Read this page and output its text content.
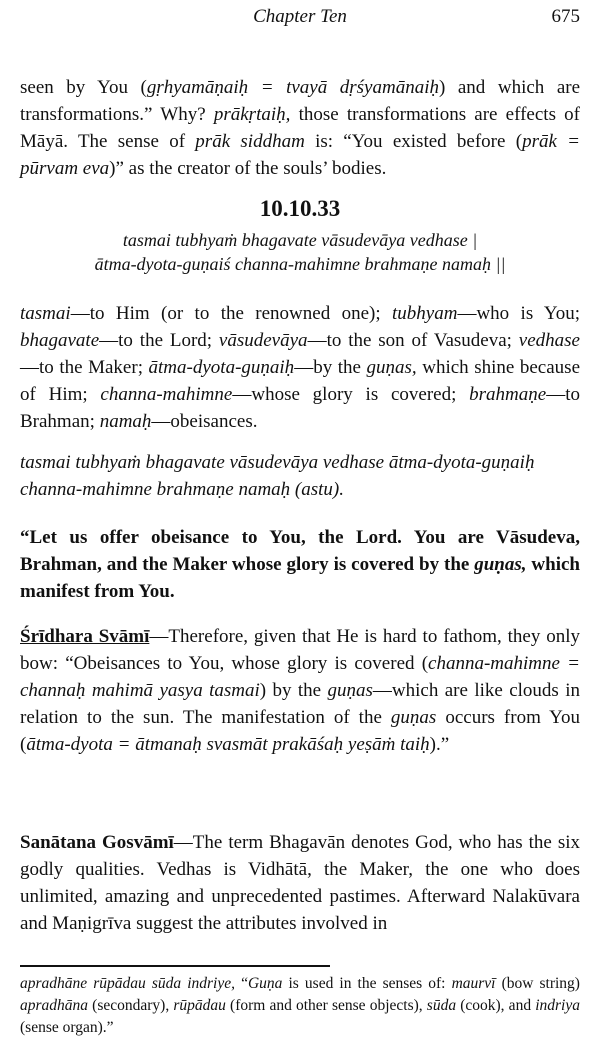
Chapter Ten	675
seen by You (gṛhyamāṇaiḥ = tvayā dṛśyamānaiḥ) and which are transformations.” Why? prākṛtaiḥ, those transformations are effects of Māyā. The sense of prāk siddham is: “You existed before (prāk = pūrvam eva)” as the creator of the souls’ bodies.
10.10.33
tasmai tubhyaṁ bhagavate vāsudevāya vedhase |
ātma-dyota-guṇaiś channa-mahimne brahmaṇe namaḥ ||
tasmai—to Him (or to the renowned one); tubhyam—who is You; bhagavate—to the Lord; vāsudevāya—to the son of Vasudeva; vedhase—to the Maker; ātma-dyota-guṇaiḥ—by the guṇas, which shine because of Him; channa-mahimne—whose glory is covered; brahmaṇe—to Brahman; namaḥ—obeisances.
tasmai tubhyaṁ bhagavate vāsudevāya vedhase ātma-dyota-guṇaiḥ
channa-mahimne brahmaṇe namaḥ (astu).
“Let us offer obeisance to You, the Lord. You are Vāsudeva, Brahman, and the Maker whose glory is covered by the guṇas, which manifest from You.
Śrīdhara Svāmī—Therefore, given that He is hard to fathom, they only bow: “Obeisances to You, whose glory is covered (channa-mahimne = channaḥ mahimā yasya tasmai) by the guṇas—which are like clouds in relation to the sun. The manifestation of the guṇas occurs from You (ātma-dyota = ātmanaḥ svasmāt prakāśaḥ yeṣāṁ taiḥ).”
Sanātana Gosvāmī—The term Bhagavān denotes God, who has the six godly qualities. Vedhas is Vidhātā, the Maker, the one who does unlimited, amazing and unprecedented pastimes. Afterward Nalakūvara and Maṇigrīva suggest the attributes involved in
apradhāne rūpādau sūda indriye, “Guṇa is used in the senses of: maurvī (bow string) apradhāna (secondary), rūpādau (form and other sense objects), sūda (cook), and indriya (sense organ).”
